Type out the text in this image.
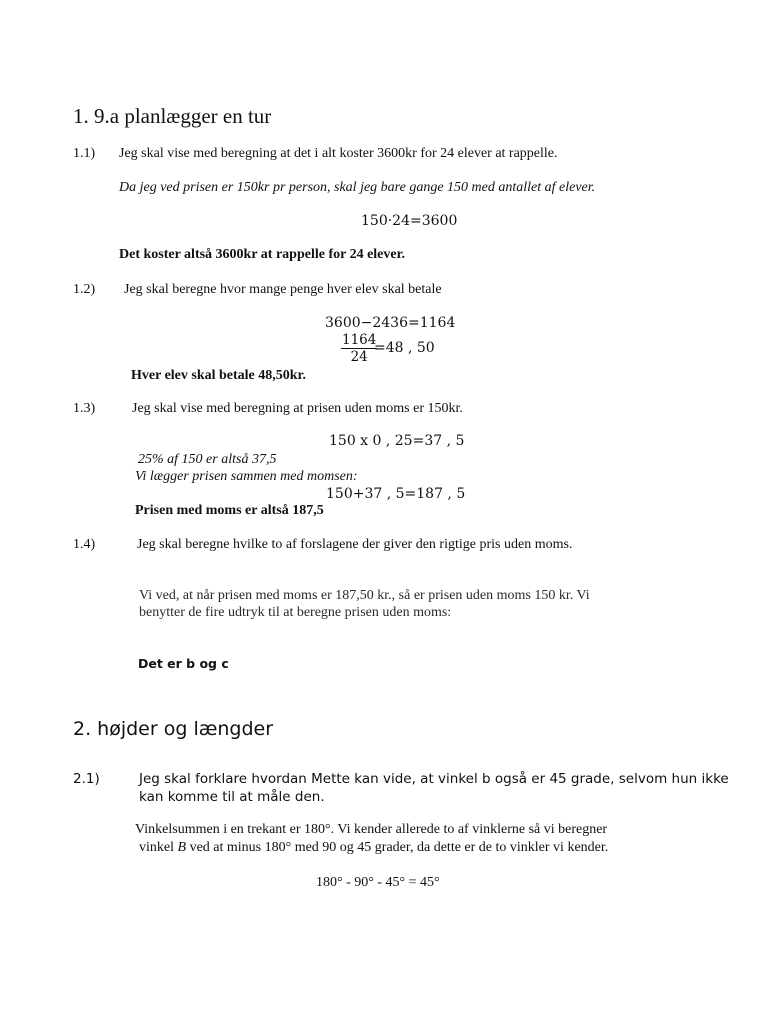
1. 9.a planlægger en tur
1.1) Jeg skal vise med beregning at det i alt koster 3600kr for 24 elever at rappelle.
Da jeg ved prisen er 150kr pr person, skal jeg bare gange 150 med antallet af elever.
150·24=3600
Det koster altså 3600kr at rappelle for 24 elever.
1.2) Jeg skal beregne hvor mange penge hver elev skal betale
3600−2436=1164
$\frac{1164}{24}$
=48 , 50
Hver elev skal betale 48,50kr.
1.3)	Jeg skal vise med beregning at prisen uden moms er 150kr.
150 x 0 , 25=37 , 5
25% af 150 er altså 37,5
Vi lægger prisen sammen med momsen:
150+37 , 5=187 , 5
Prisen med moms er altså 187,5
1.4)	Jeg skal beregne hvilke to af forslagene der giver den rigtige pris uden moms.
Vi ved, at når prisen med moms er 187,50 kr., så er prisen uden moms 150 kr. Vi
benytter de fire udtryk til at beregne prisen uden moms:
Det er b og c
2. højder og længder
2.1)	Jeg skal forklare hvordan Mette kan vide, at vinkel b også er 45 grade, selvom hun ikke
kan komme til at måle den.
Vinkelsummen i en trekant er 180°. Vi kender allerede to af vinklerne så vi beregner
vinkel B ved at minus 180° med 90 og 45 grader, da dette er de to vinkler vi kender.
180° - 90° - 45° = 45°
